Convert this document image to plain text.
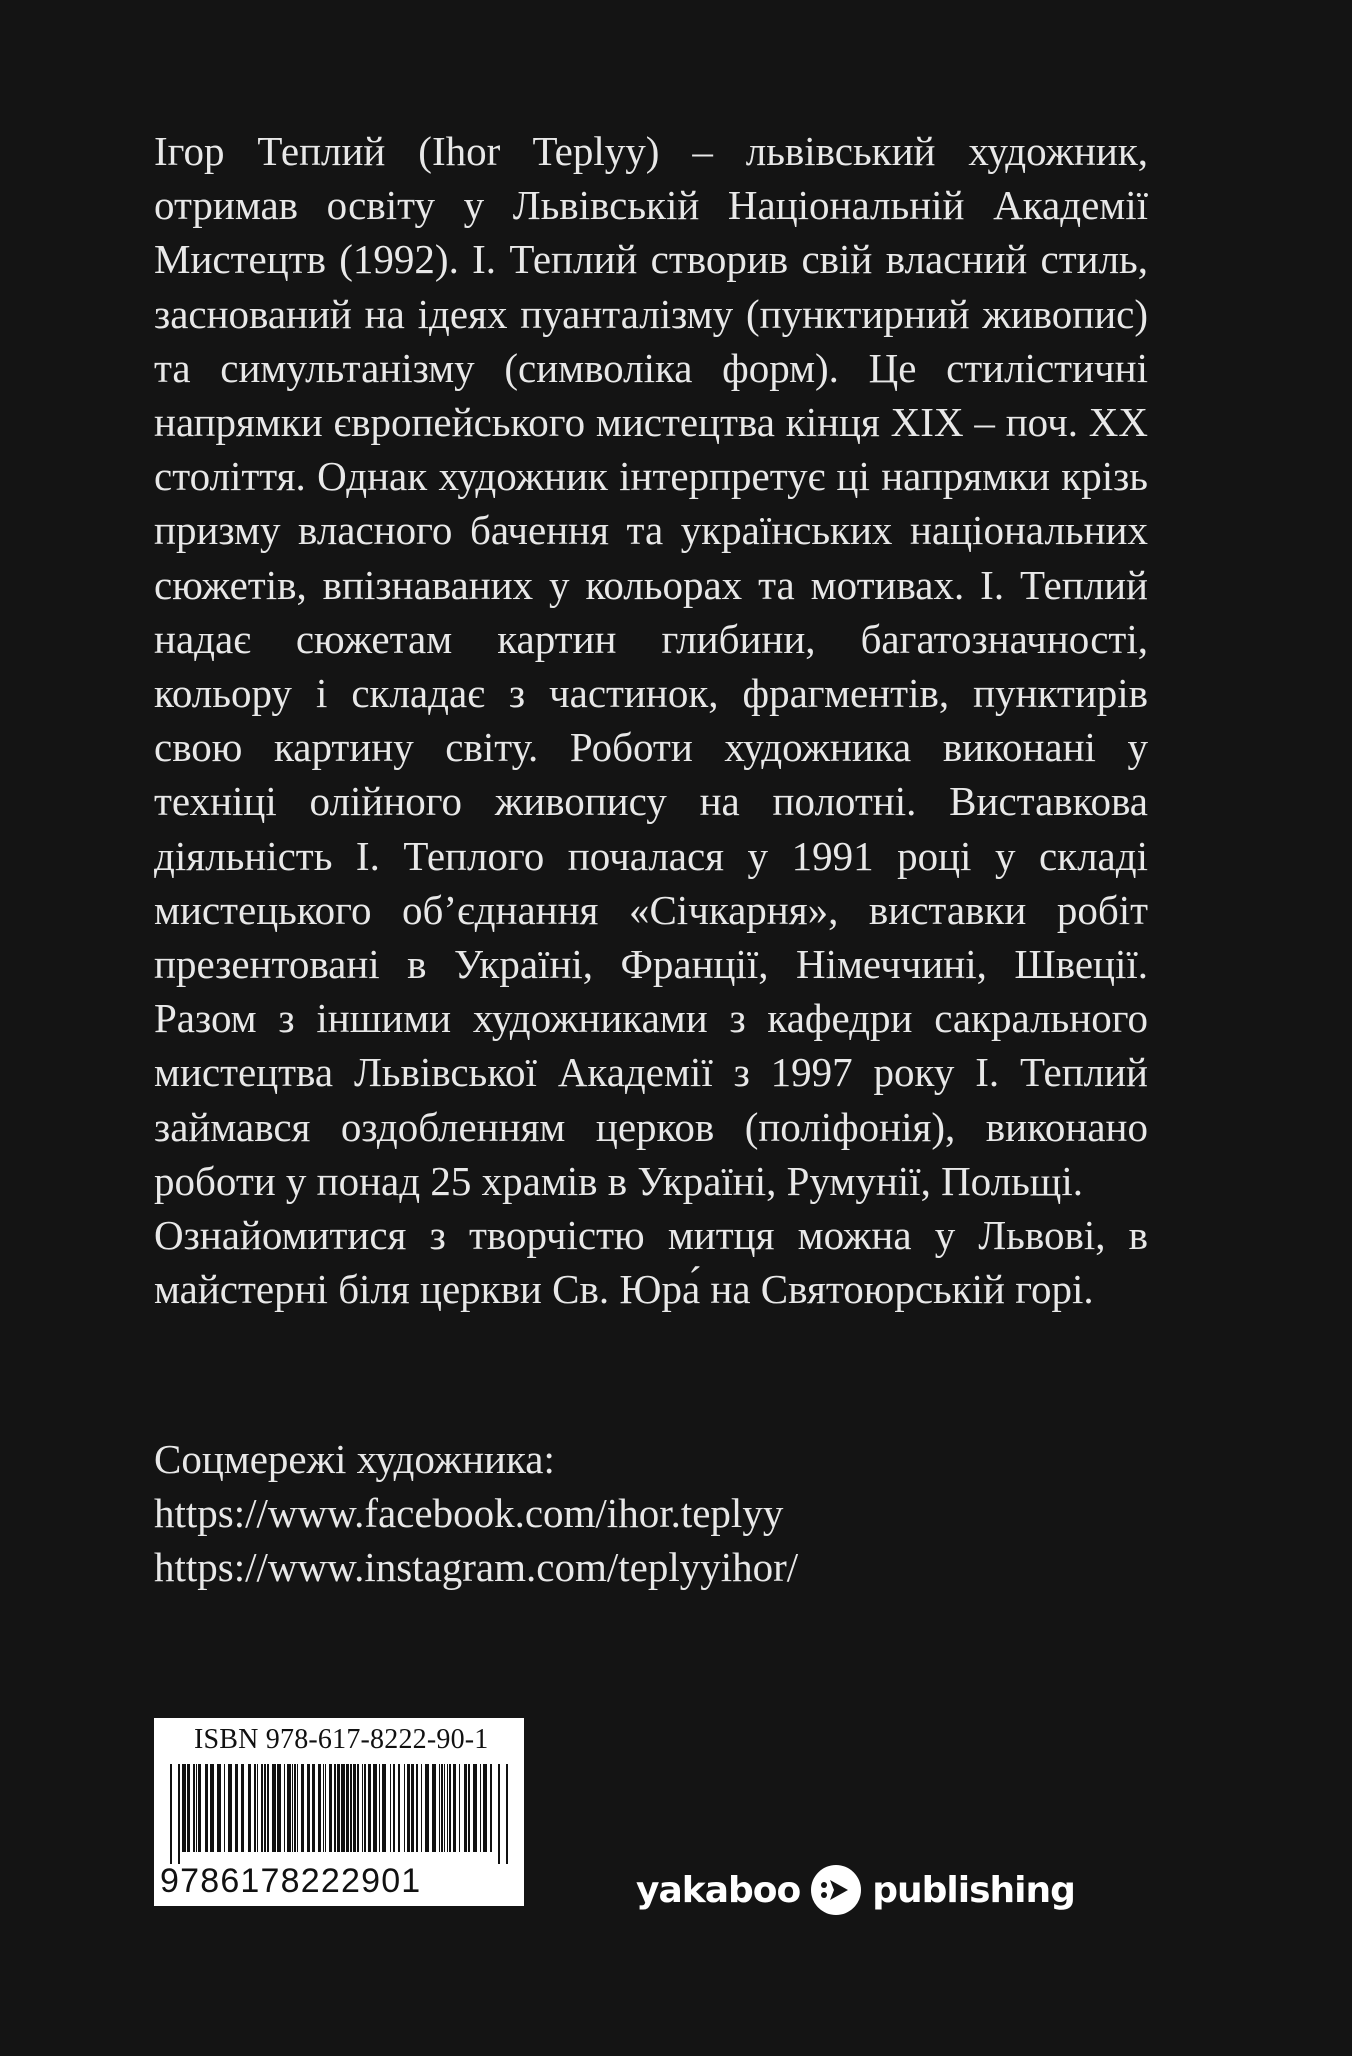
Ігор Теплий (Ihor Teplyy) – львівський художник, отримав освіту у Львівській Національній Академії Мистецтв (1992). І. Теплий створив свій власний стиль, заснований на ідеях пуанталізму (пунктирний живопис) та симультанізму (символіка форм). Це стилістичні напрямки європейського мистецтва кінця XIX – поч. XX століття. Однак художник інтерпретує ці напрямки крізь призму власного бачення та українських національних сюжетів, впізнаваних у кольорах та мотивах. І. Теплий надає сюжетам картин глибини, багатозначності, кольору і складає з частинок, фрагментів, пунктирів свою картину світу. Роботи художника виконані у техніці олійного живопису на полотні. Виставкова діяльність І. Теплого почалася у 1991 році у складі мистецького об’єднання «Січкарня», виставки робіт презентовані в Україні, Франції, Німеччині, Швеції. Разом з іншими художниками з кафедри сакрального мистецтва Львівської Академії з 1997 року І. Теплий займався оздобленням церков (поліфонія), виконано роботи у понад 25 храмів в Україні, Румунії, Польщі.

Ознайомитися з творчістю митця можна у Львові, в майстерні біля церкви Св. Юра́ на Святоюрській горі.

Соцмережі художника:
https://www.facebook.com/ihor.teplyy
https://www.instagram.com/teplyyihor/
ISBN 978-617-8222-90-1
9786178222901	yakaboo publishing
